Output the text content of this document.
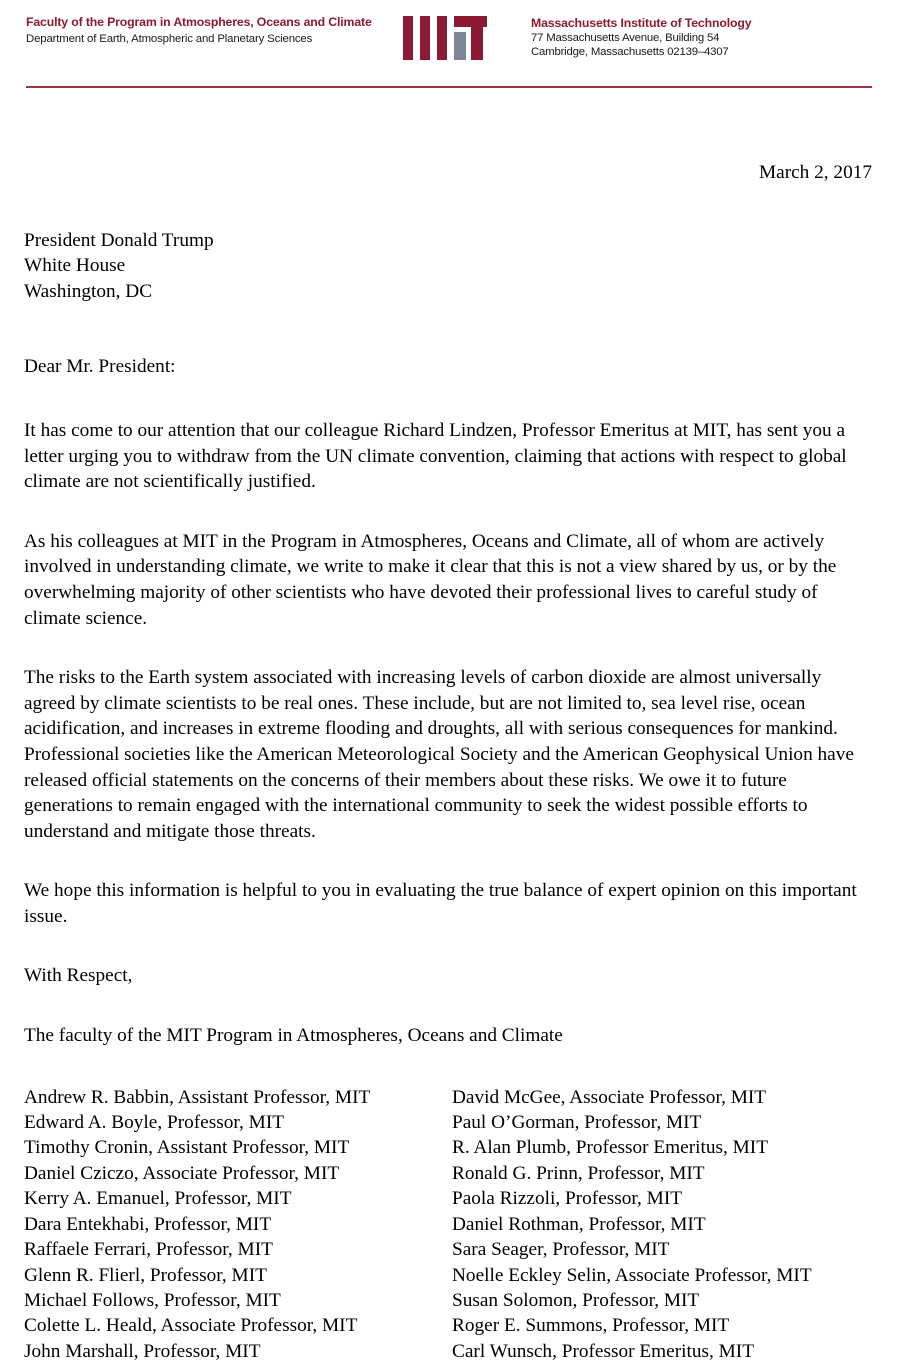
Faculty of the Program in Atmospheres, Oceans and Climate
Department of Earth, Atmospheric and Planetary Sciences
Massachusetts Institute of Technology
77 Massachusetts Avenue, Building 54
Cambridge, Massachusetts 02139–4307
March 2, 2017
President Donald Trump
White House
Washington, DC
Dear Mr. President:

It has come to our attention that our colleague Richard Lindzen, Professor Emeritus at MIT, has sent you a letter urging you to withdraw from the UN climate convention, claiming that actions with respect to global climate are not scientifically justified.

As his colleagues at MIT in the Program in Atmospheres, Oceans and Climate, all of whom are actively involved in understanding climate, we write to make it clear that this is not a view shared by us, or by the overwhelming majority of other scientists who have devoted their professional lives to careful study of climate science.

The risks to the Earth system associated with increasing levels of carbon dioxide are almost universally agreed by climate scientists to be real ones. These include, but are not limited to, sea level rise, ocean acidification, and increases in extreme flooding and droughts, all with serious consequences for mankind. Professional societies like the American Meteorological Society and the American Geophysical Union have released official statements on the concerns of their members about these risks. We owe it to future generations to remain engaged with the international community to seek the widest possible efforts to understand and mitigate those threats.

We hope this information is helpful to you in evaluating the true balance of expert opinion on this important issue.

With Respect,
The faculty of the MIT Program in Atmospheres, Oceans and Climate
Andrew R. Babbin, Assistant Professor, MIT
Edward A. Boyle, Professor, MIT
Timothy Cronin, Assistant Professor, MIT
Daniel Cziczo, Associate Professor, MIT
Kerry A. Emanuel, Professor, MIT
Dara Entekhabi, Professor, MIT
Raffaele Ferrari, Professor, MIT
Glenn R. Flierl, Professor, MIT
Michael Follows, Professor, MIT
Colette L. Heald, Associate Professor, MIT
John Marshall, Professor, MIT
David McGee, Associate Professor, MIT
Paul O’Gorman, Professor, MIT
R. Alan Plumb, Professor Emeritus, MIT
Ronald G. Prinn, Professor, MIT
Paola Rizzoli, Professor, MIT
Daniel Rothman, Professor, MIT
Sara Seager, Professor, MIT
Noelle Eckley Selin, Associate Professor, MIT
Susan Solomon, Professor, MIT
Roger E. Summons, Professor, MIT
Carl Wunsch, Professor Emeritus, MIT
